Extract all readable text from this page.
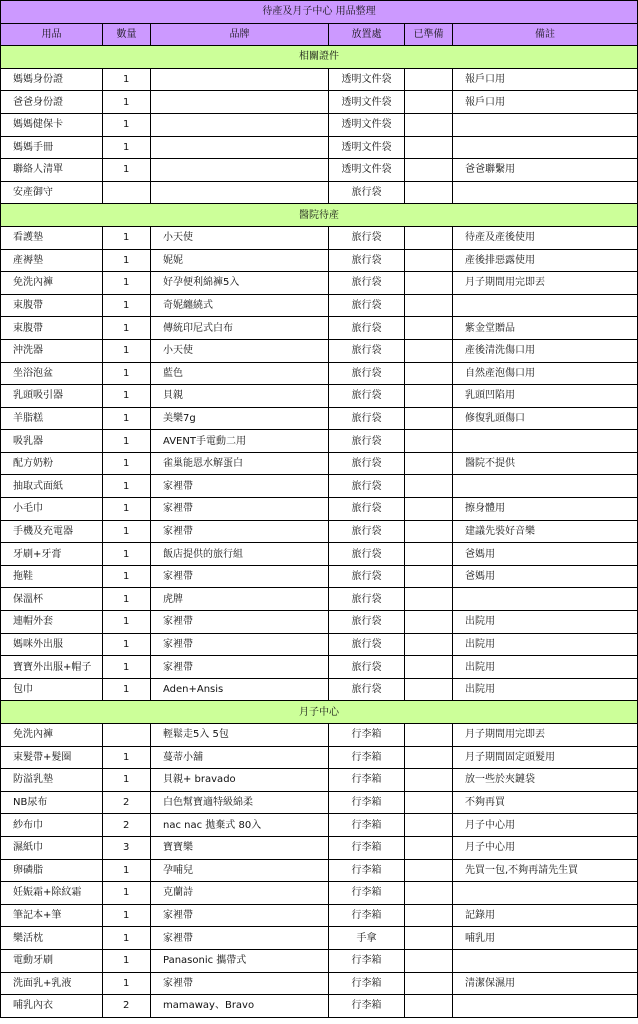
待產及月子中心 用品整理					
用品	數量	品牌	放置處	已準備	備註
相關證件					
媽媽身份證	1		透明文件袋		報戶口用
爸爸身份證	1		透明文件袋		報戶口用
媽媽健保卡	1		透明文件袋		
媽媽手冊	1		透明文件袋		
聯絡人清單	1		透明文件袋		爸爸聯繫用
安產御守			旅行袋		
醫院待產					
看護墊	1	小天使	旅行袋		待產及產後使用
產褥墊	1	妮妮	旅行袋		產後排惡露使用
免洗內褲	1	好孕便利綿褲5入	旅行袋		月子期間用完即丟
束腹帶	1	奇妮纏繞式	旅行袋		
束腹帶	1	傳統印尼式白布	旅行袋		紫金堂贈品
沖洗器	1	小天使	旅行袋		產後清洗傷口用
坐浴泡盆	1	藍色	旅行袋		自然產泡傷口用
乳頭吸引器	1	貝親	旅行袋		乳頭凹陷用
羊脂糕	1	美樂7g	旅行袋		修復乳頭傷口
吸乳器	1	AVENT手電動二用	旅行袋		
配方奶粉	1	雀巢能恩水解蛋白	旅行袋		醫院不提供
抽取式面紙	1	家裡帶	旅行袋		
小毛巾	1	家裡帶	旅行袋		擦身體用
手機及充電器	1	家裡帶	旅行袋		建議先裝好音樂
牙刷+牙膏	1	飯店提供的旅行組	旅行袋		爸媽用
拖鞋	1	家裡帶	旅行袋		爸媽用
保溫杯	1	虎牌	旅行袋		
連帽外套	1	家裡帶	旅行袋		出院用
媽咪外出服	1	家裡帶	旅行袋		出院用
寶寶外出服+帽子	1	家裡帶	旅行袋		出院用
包巾	1	Aden+Ansis	旅行袋		出院用
月子中心					
免洗內褲		輕鬆走5入 5包	行李箱		月子期間用完即丟
束髮帶+髮圈	1	蔓蒂小舖	行李箱		月子期間固定頭髮用
防溢乳墊	1	貝親+ bravado	行李箱		放一些於夾鏈袋
NB尿布	2	白色幫寶適特級綿柔	行李箱		不夠再買
紗布巾	2	nac nac 拋棄式 80入	行李箱		月子中心用
濕紙巾	3	寶寶樂	行李箱		月子中心用
卵磷脂	1	孕哺兒	行李箱		先買一包,不夠再請先生買
妊娠霜+除紋霜	1	克蘭詩	行李箱		
筆記本+筆	1	家裡帶	行李箱		記錄用
樂活枕	1	家裡帶	手拿		哺乳用
電動牙刷	1	Panasonic 攜帶式	行李箱		
洗面乳+乳液	1	家裡帶	行李箱		清潔保濕用
哺乳內衣	2	mamaway、Bravo	行李箱		
